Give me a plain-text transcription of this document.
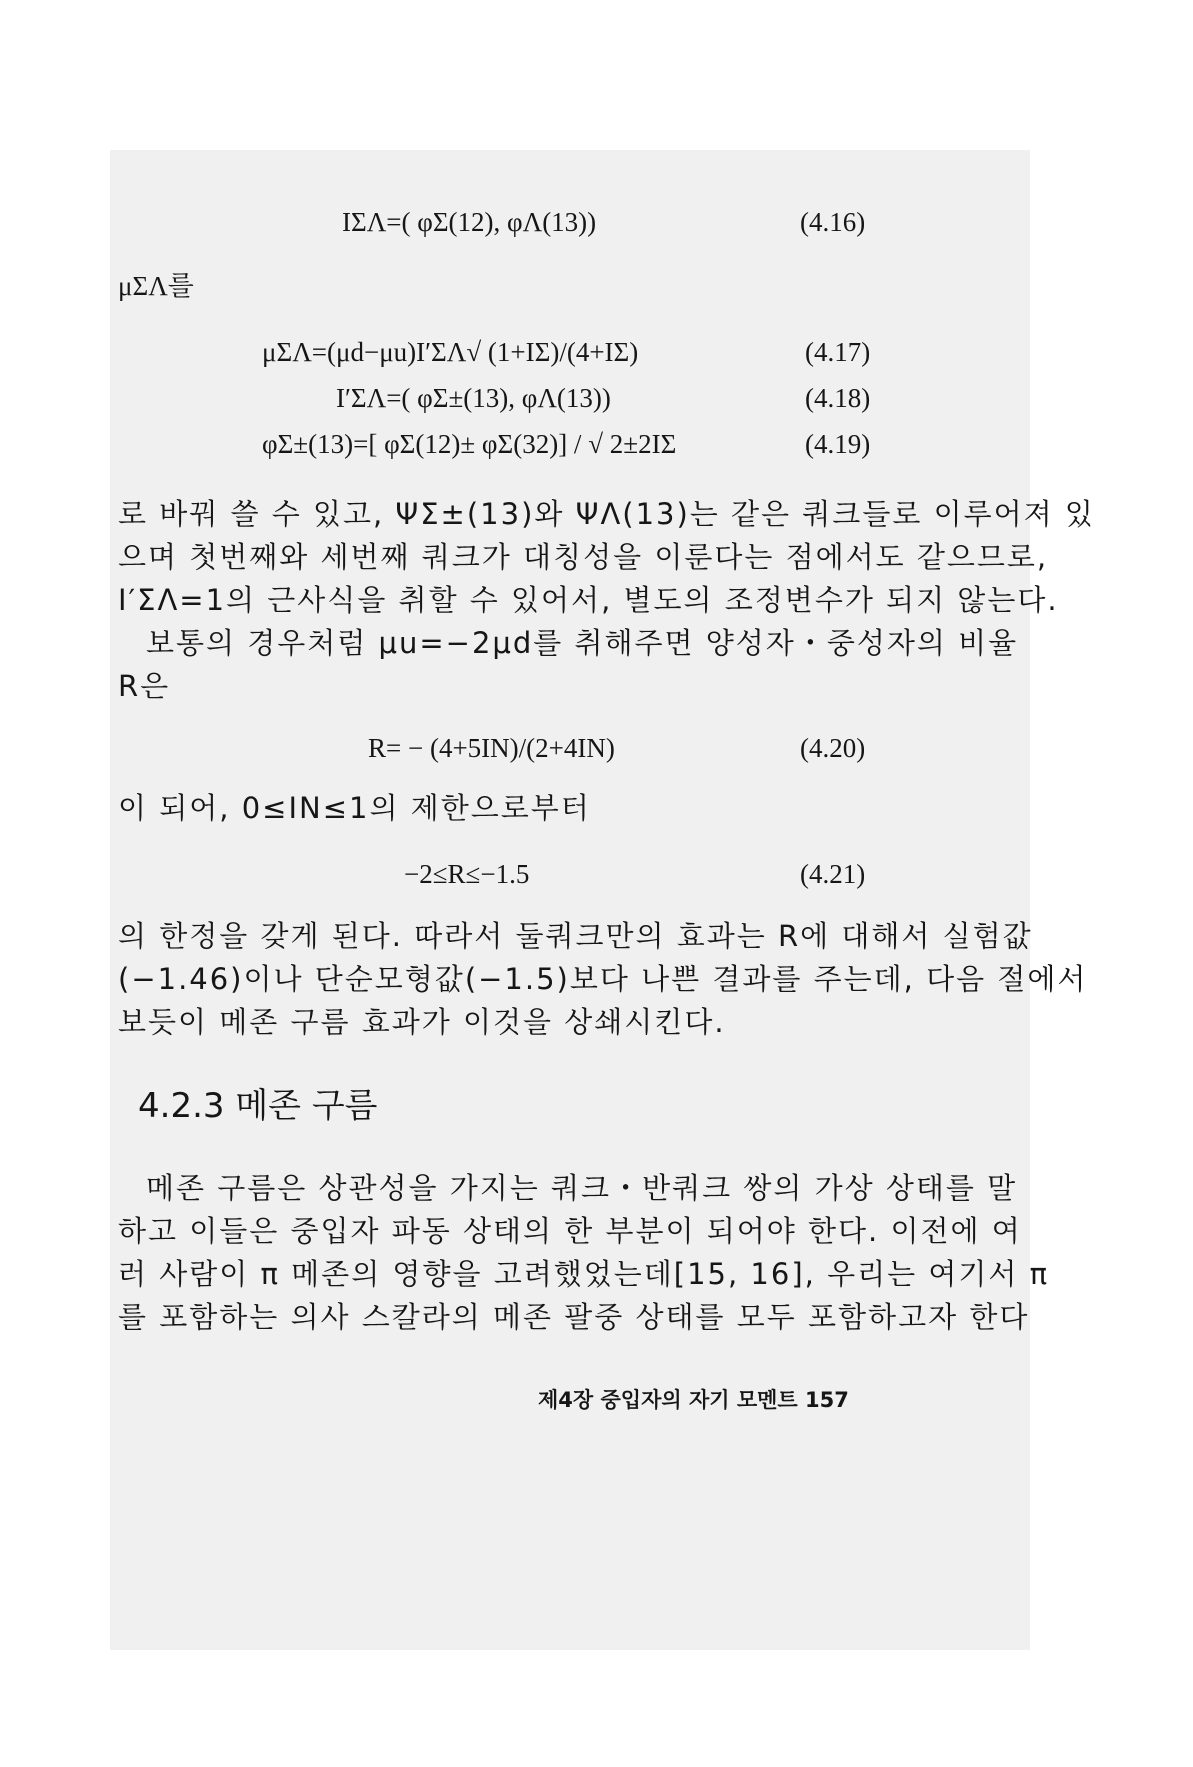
IΣΛ=( φΣ(12), φΛ(13))	(4.16)
μΣΛ를
μΣΛ=(μd−μu)I′ΣΛ√ (1+IΣ)/(4+IΣ)	(4.17)
I′ΣΛ=( φΣ±(13), φΛ(13))	(4.18)
φΣ±(13)=[ φΣ(12)± φΣ(32)] / √ 2±2IΣ	(4.19)
로 바꿔 쓸 수 있고, ΨΣ±(13)와 ΨΛ(13)는 같은 쿼크들로 이루어져 있
으며 첫번째와 세번째 쿼크가 대칭성을 이룬다는 점에서도 같으므로,
I′ΣΛ=1의 근사식을 취할 수 있어서, 별도의 조정변수가 되지 않는다.
보통의 경우처럼 μu=−2μd를 취해주면 양성자・중성자의 비율
R은
R= − (4+5IN)/(2+4IN)	(4.20)
이 되어, 0≤IN≤1의 제한으로부터
−2≤R≤−1.5	(4.21)
의 한정을 갖게 된다. 따라서 둘쿼크만의 효과는 R에 대해서 실험값
(−1.46)이나 단순모형값(−1.5)보다 나쁜 결과를 주는데, 다음 절에서
보듯이 메존 구름 효과가 이것을 상쇄시킨다.
4.2.3 메존 구름
메존 구름은 상관성을 가지는 쿼크・반쿼크 쌍의 가상 상태를 말
하고 이들은 중입자 파동 상태의 한 부분이 되어야 한다. 이전에 여
러 사람이 π 메존의 영향을 고려했었는데[15, 16], 우리는 여기서 π
를 포함하는 의사 스칼라의 메존 팔중 상태를 모두 포함하고자 한다
제4장 중입자의 자기 모멘트 157
